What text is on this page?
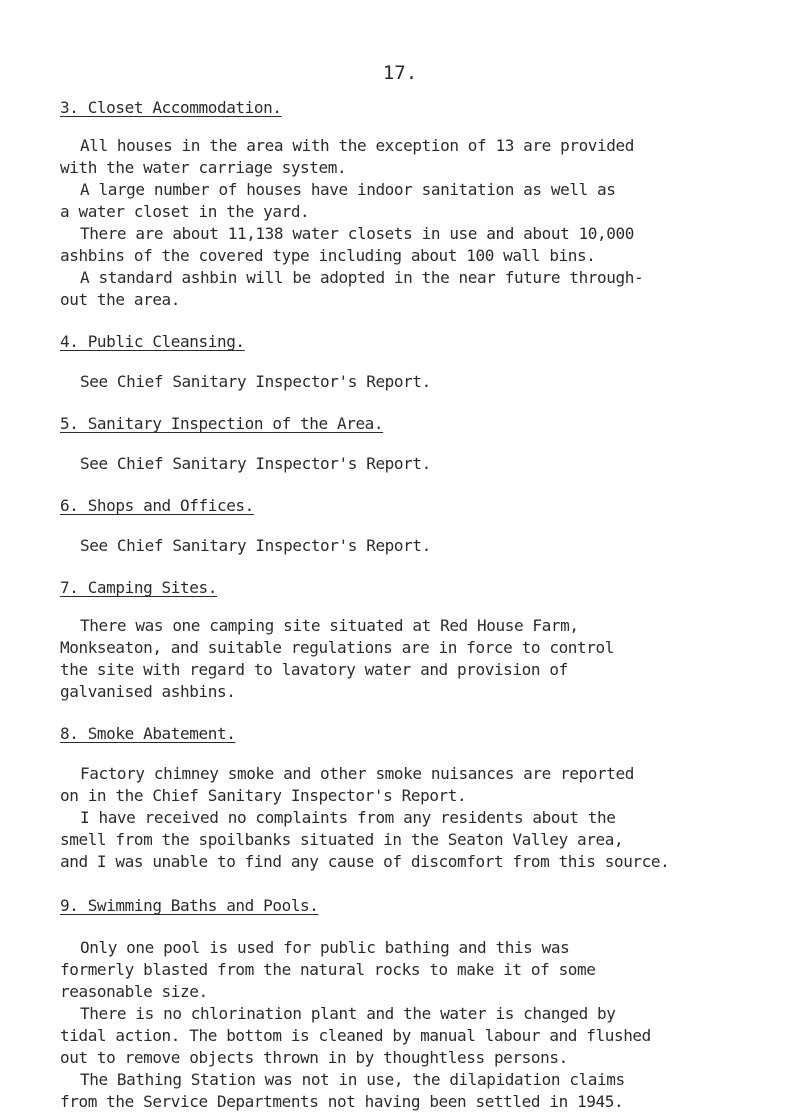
17.
3. Closet Accommodation.
All houses in the area with the exception of 13 are provided
with the water carriage system.
A large number of houses have indoor sanitation as well as
a water closet in the yard.
There are about 11,138 water closets in use and about 10,000
ashbins of the covered type including about 100 wall bins.
A standard ashbin will be adopted in the near future through-
out the area.
4. Public Cleansing.
See Chief Sanitary Inspector's Report.
5. Sanitary Inspection of the Area.
See Chief Sanitary Inspector's Report.
6. Shops and Offices.
See Chief Sanitary Inspector's Report.
7. Camping Sites.
There was one camping site situated at Red House Farm,
Monkseaton, and suitable regulations are in force to control
the site with regard to lavatory water and provision of
galvanised ashbins.
8. Smoke Abatement.
Factory chimney smoke and other smoke nuisances are reported
on in the Chief Sanitary Inspector's Report.
I have received no complaints from any residents about the
smell from the spoilbanks situated in the Seaton Valley area,
and I was unable to find any cause of discomfort from this source.
9. Swimming Baths and Pools.
Only one pool is used for public bathing and this was
formerly blasted from the natural rocks to make it of some
reasonable size.
There is no chlorination plant and the water is changed by
tidal action. The bottom is cleaned by manual labour and flushed
out to remove objects thrown in by thoughtless persons.
The Bathing Station was not in use, the dilapidation claims
from the Service Departments not having been settled in 1945.
